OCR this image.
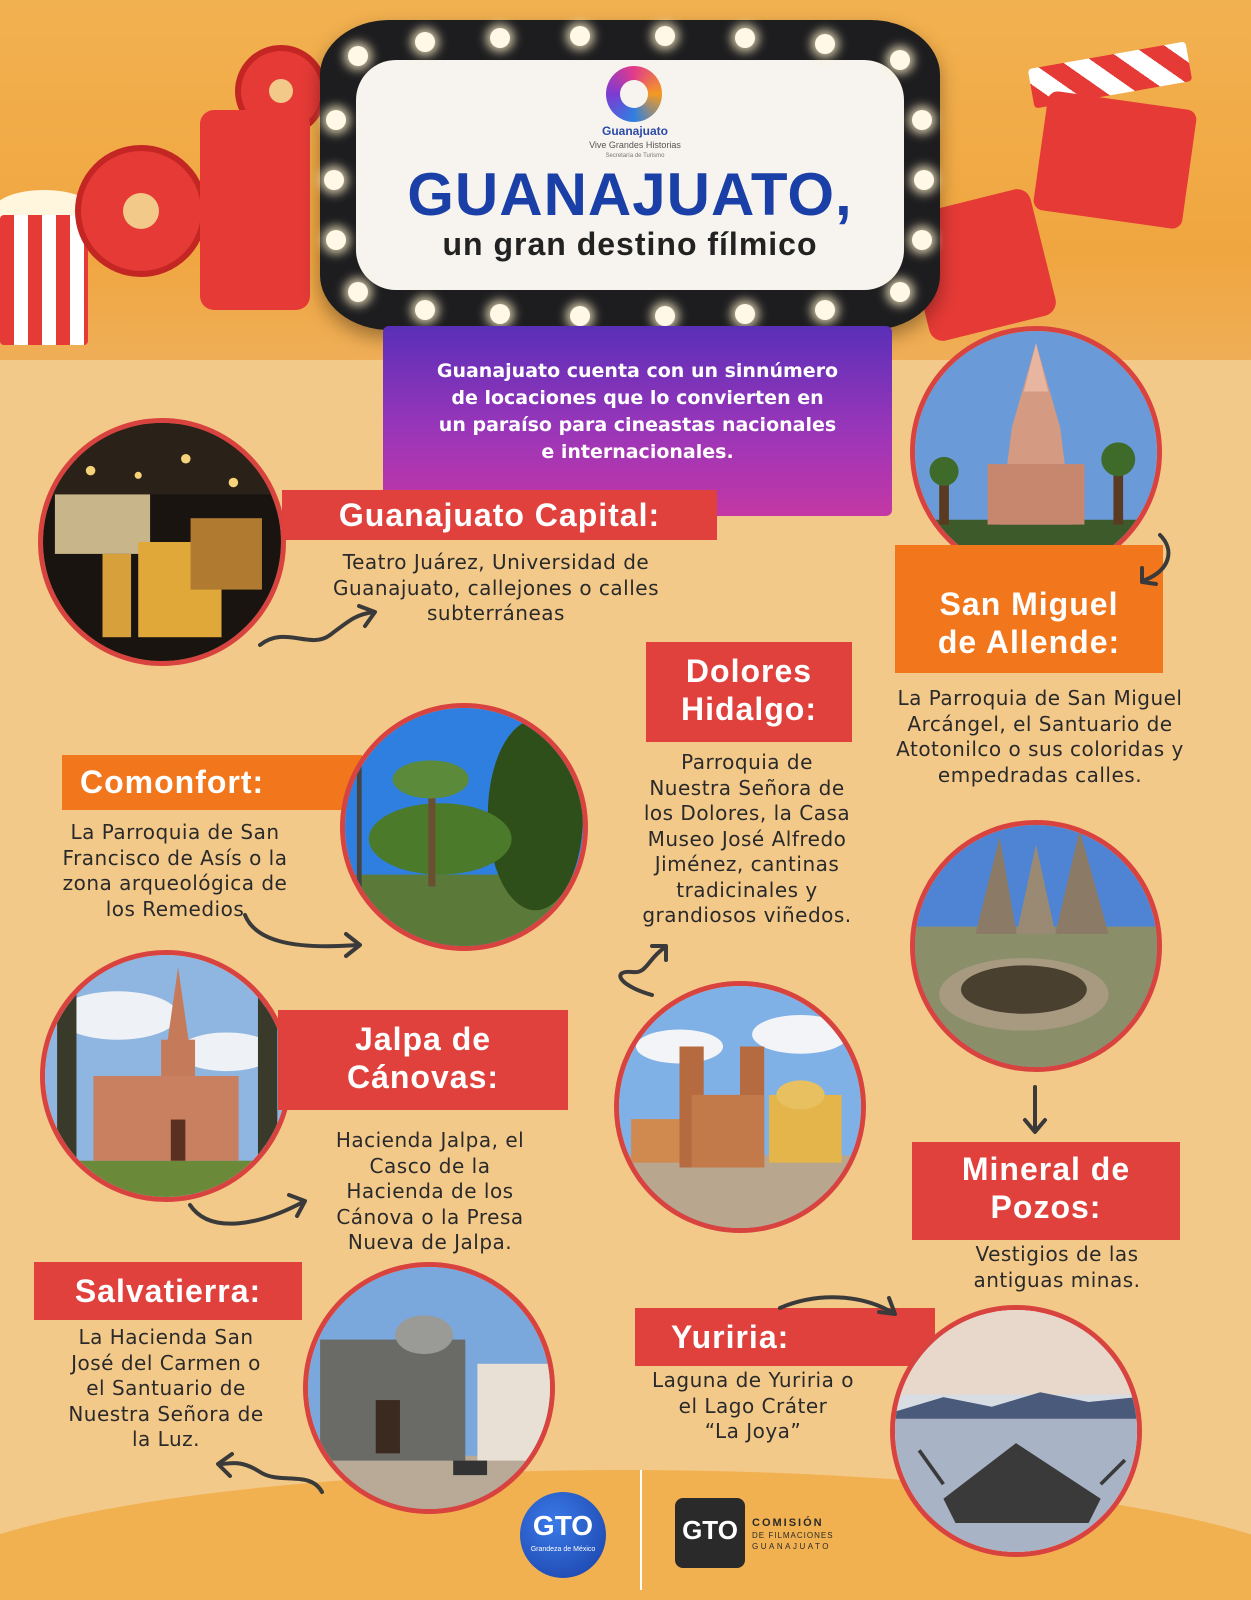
Guanajuato
Vive Grandes Historias
Secretaría de Turismo
GUANAJUATO,
un gran destino fílmico
Guanajuato cuenta con un sinnúmero
de locaciones que lo convierten en
un paraíso para cineastas nacionales
e internacionales.
Guanajuato Capital:
Teatro Juárez, Universidad de
Guanajuato, callejones o calles
subterráneas	San Miguel
de Allende:
La Parroquia de San Miguel
Arcángel, el Santuario de
Atotonilco o sus coloridas y
empedradas calles.
Dolores
Hidalgo:
Parroquia de
Nuestra Señora de
los Dolores, la Casa
Museo José Alfredo
Jiménez, cantinas
tradicinales y
grandiosos viñedos.
Comonfort:
La Parroquia de San
Francisco de Asís o la
zona arqueológica de
los Remedios
Jalpa de
Cánovas:
Hacienda Jalpa, el
Casco de la
Hacienda de los
Cánova o la Presa
Nueva de Jalpa.
Mineral de
Pozos:
Vestigios de las
antiguas minas.
Salvatierra:
La Hacienda San
José del Carmen o
el Santuario de
Nuestra Señora de
la Luz.
Yuriria:
Laguna de Yuriria o
el Lago Cráter
“La Joya”
GTO
Grandeza de México
GTO	COMISIÓN
DE FILMACIONES
GUANAJUATO
